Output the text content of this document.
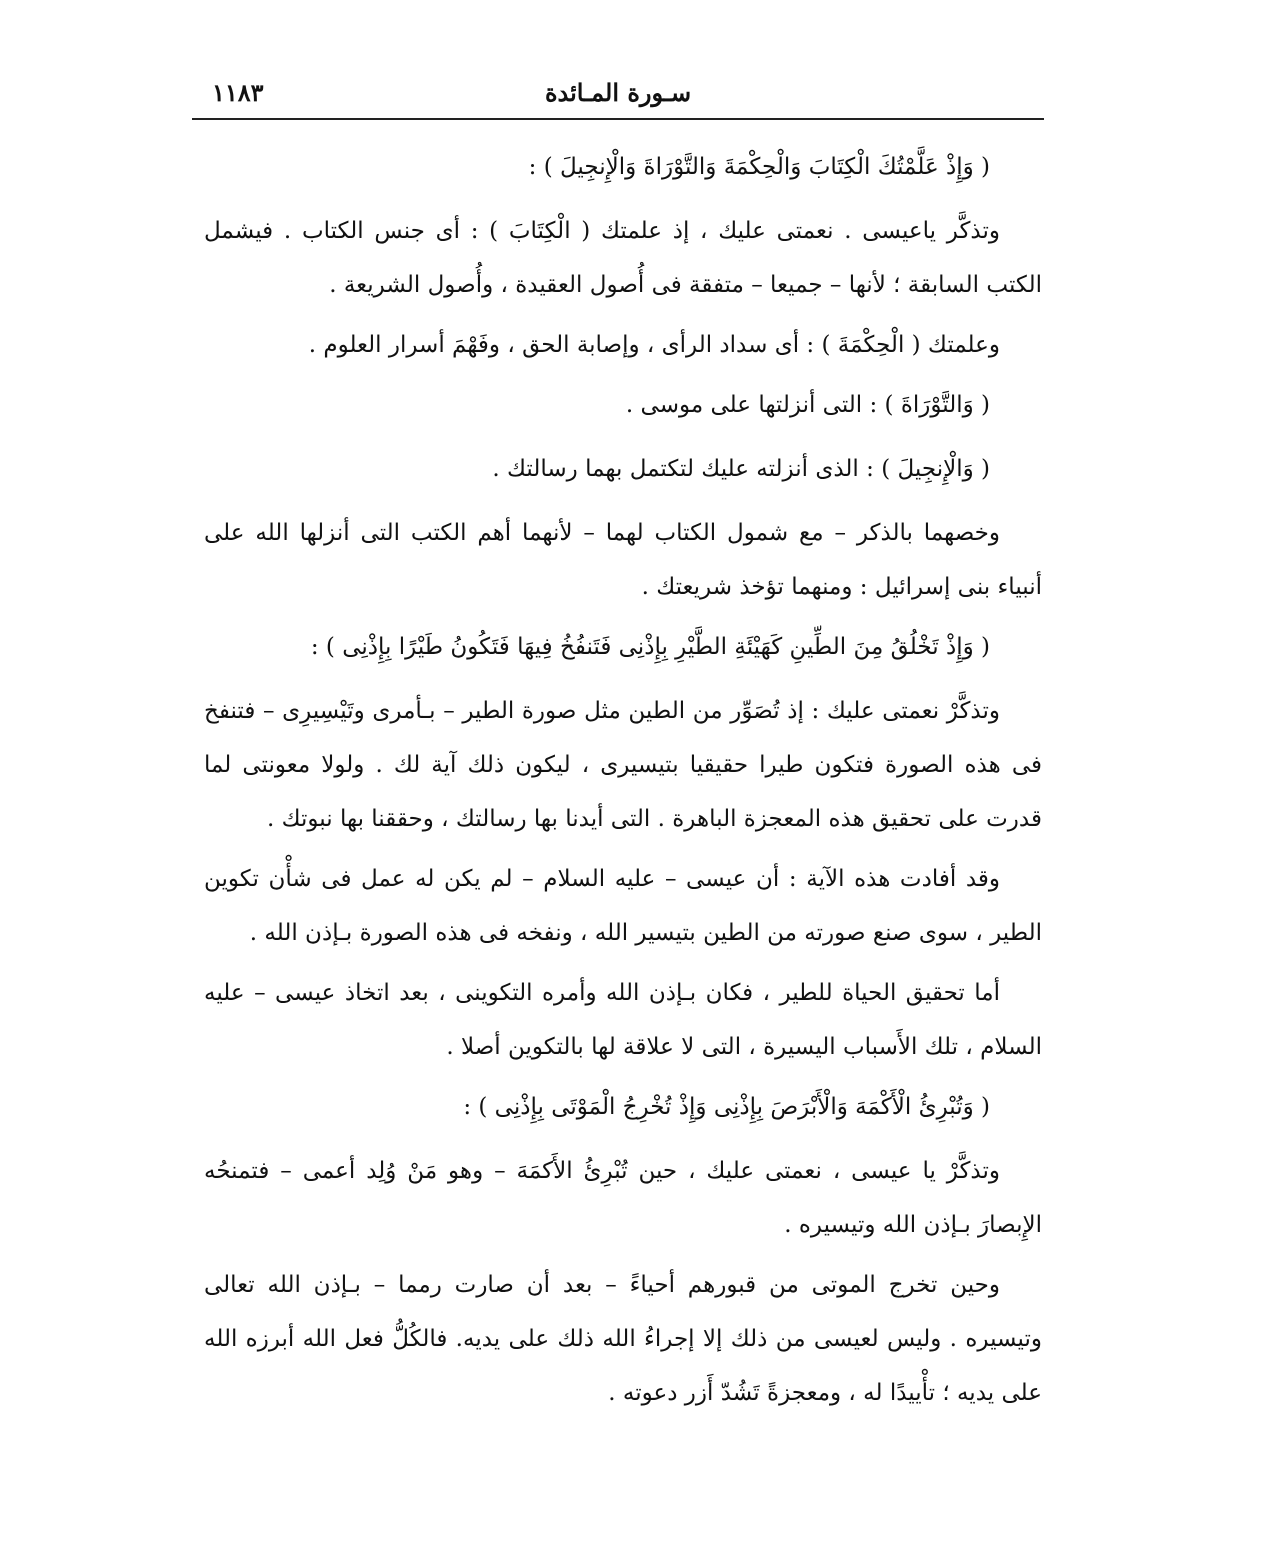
سـورة المـائدة
١١٨٣
( وَإِذْ عَلَّمْتُكَ الْكِتَابَ وَالْحِكْمَةَ وَالتَّوْرَاةَ وَالْإِنجِيلَ ) :

وتذكَّر ياعيسى . نعمتى عليك ، إذ علمتك ( الْكِتَابَ ) : أى جنس الكتاب . فيشمل الكتب السابقة ؛ لأنها – جميعا – متفقة فى أُصول العقيدة ، وأُصول الشريعة .

وعلمتك ( الْحِكْمَةَ ) : أى سداد الرأى ، وإصابة الحق ، وفَهْمَ أسرار العلوم .

( وَالتَّوْرَاةَ ) : التى أنزلتها على موسى .
( وَالْإِنجِيلَ ) : الذى أنزلته عليك لتكتمل بهما رسالتك .

وخصهما بالذكر – مع شمول الكتاب لهما – لأنهما أهم الكتب التى أنزلها الله على أنبياء بنى إسرائيل : ومنهما تؤخذ شريعتك .

( وَإِذْ تَخْلُقُ مِنَ الطِّينِ كَهَيْئَةِ الطَّيْرِ بِإِذْنِى فَتَنفُخُ فِيهَا فَتَكُونُ طَيْرًا بِإِذْنِى ) :

وتذكَّرْ نعمتى عليك : إذ تُصَوِّر من الطين مثل صورة الطير – بـأمرى وتَيْسِيرِى – فتنفخ فى هذه الصورة فتكون طيرا حقيقيا بتيسيرى ، ليكون ذلك آية لك . ولولا معونتى لما قدرت على تحقيق هذه المعجزة الباهرة . التى أيدنا بها رسالتك ، وحققنا بها نبوتك .

وقد أفادت هذه الآية : أن عيسى – عليه السلام – لم يكن له عمل فى شأْن تكوين الطير ، سوى صنع صورته من الطين بتيسير الله ، ونفخه فى هذه الصورة بـإذن الله .

أما تحقيق الحياة للطير ، فكان بـإذن الله وأمره التكوينى ، بعد اتخاذ عيسى – عليه السلام ، تلك الأَسباب اليسيرة ، التى لا علاقة لها بالتكوين أصلا .

( وَتُبْرِئُ الْأَكْمَهَ وَالْأَبْرَصَ بِإِذْنِى وَإِذْ تُخْرِجُ الْمَوْتَى بِإِذْنِى ) :

وتذكَّرْ يا عيسى ، نعمتى عليك ، حين تُبْرِئُ الأَكمَهَ – وهو مَنْ وُلِد أعمى – فتمنحُه الإِبصارَ بـإذن الله وتيسيره .

وحين تخرج الموتى من قبورهم أحياءً – بعد أن صارت رمما – بـإذن الله تعالى وتيسيره . وليس لعيسى من ذلك إلا إجراءُ الله ذلك على يديه. فالكُلُّ فعل الله أبرزه الله على يديه ؛ تأْييدًا له ، ومعجزةً تَشُدّ أَزر دعوته .
